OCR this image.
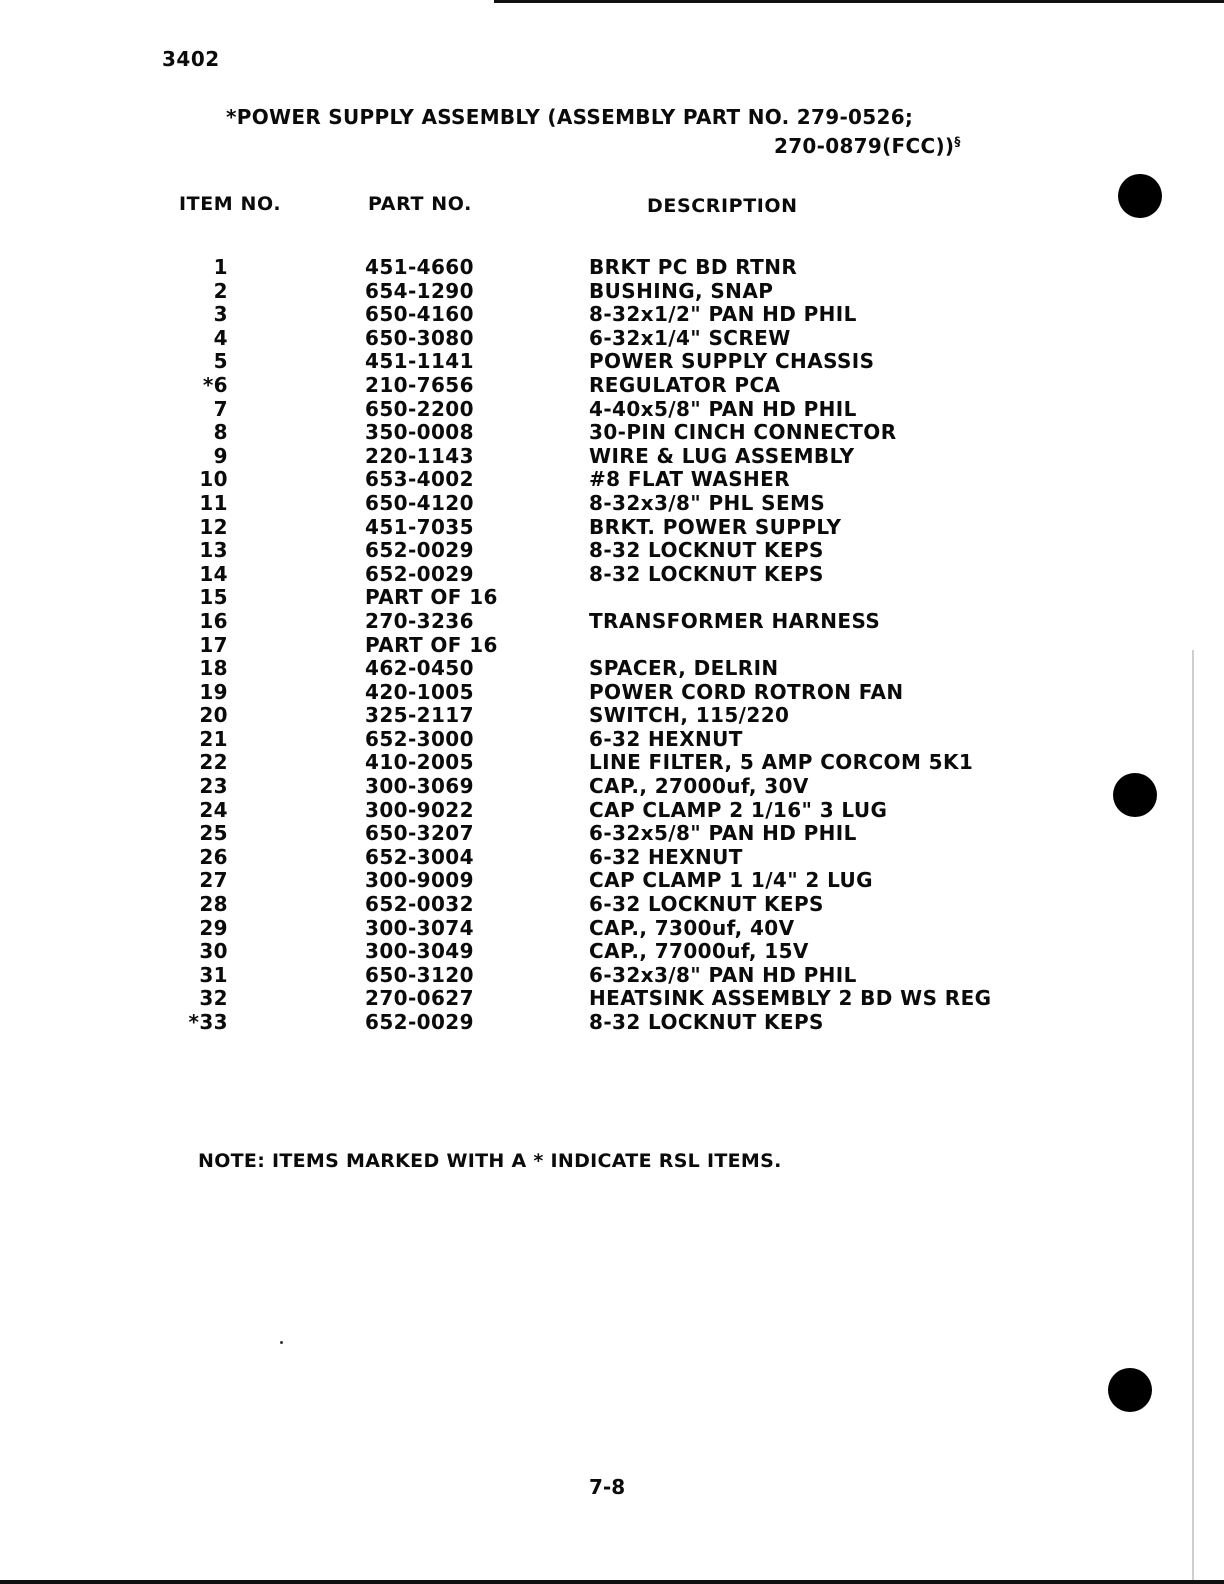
3402
*POWER SUPPLY ASSEMBLY (ASSEMBLY PART NO. 279-0526;
270-0879(FCC))§
ITEM NO.	PART NO.	DESCRIPTION
1	451-4660	BRKT PC BD RTNR
2	654-1290	BUSHING, SNAP
3	650-4160	8-32x1/2" PAN HD PHIL
4	650-3080	6-32x1/4" SCREW
5	451-1141	POWER SUPPLY CHASSIS
*6	210-7656	REGULATOR PCA
7	650-2200	4-40x5/8" PAN HD PHIL
8	350-0008	30-PIN CINCH CONNECTOR
9	220-1143	WIRE & LUG ASSEMBLY
10	653-4002	#8 FLAT WASHER
11	650-4120	8-32x3/8" PHL SEMS
12	451-7035	BRKT. POWER SUPPLY
13	652-0029	8-32 LOCKNUT KEPS
14	652-0029	8-32 LOCKNUT KEPS
15	PART OF 16
16	270-3236	TRANSFORMER HARNESS
17	PART OF 16
18	462-0450	SPACER, DELRIN
19	420-1005	POWER CORD ROTRON FAN
20	325-2117	SWITCH, 115/220
21	652-3000	6-32 HEXNUT
22	410-2005	LINE FILTER, 5 AMP CORCOM 5K1
23	300-3069	CAP., 27000uf, 30V
24	300-9022	CAP CLAMP 2 1/16" 3 LUG
25	650-3207	6-32x5/8" PAN HD PHIL
26	652-3004	6-32 HEXNUT
27	300-9009	CAP CLAMP 1 1/4" 2 LUG
28	652-0032	6-32 LOCKNUT KEPS
29	300-3074	CAP., 7300uf, 40V
30	300-3049	CAP., 77000uf, 15V
31	650-3120	6-32x3/8" PAN HD PHIL
32	270-0627	HEATSINK ASSEMBLY 2 BD WS REG
*33	652-0029	8-32 LOCKNUT KEPS
NOTE: ITEMS MARKED WITH A * INDICATE RSL ITEMS.
7-8
